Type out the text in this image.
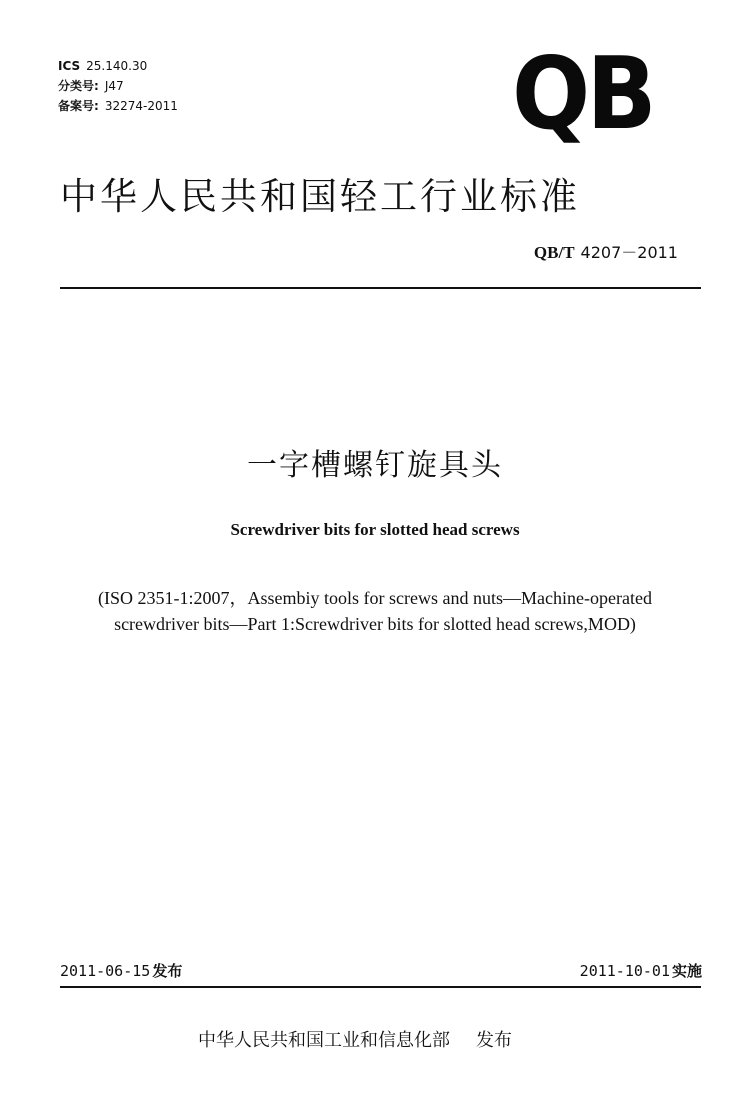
ICS 25.140.30
分类号: J47
备案号: 32274-2011	QB
中华人民共和国轻工行业标准
QB/T 4207－2011
一字槽螺钉旋具头
Screwdriver bits for slotted head screws
(ISO 2351-1:2007，Assembiy tools for screws and nuts—Machine-operated
screwdriver bits—Part 1:Screwdriver bits for slotted head screws,MOD)
2011-06-15 发布	2011-10-01 实施
中华人民共和国工业和信息化部 发布
